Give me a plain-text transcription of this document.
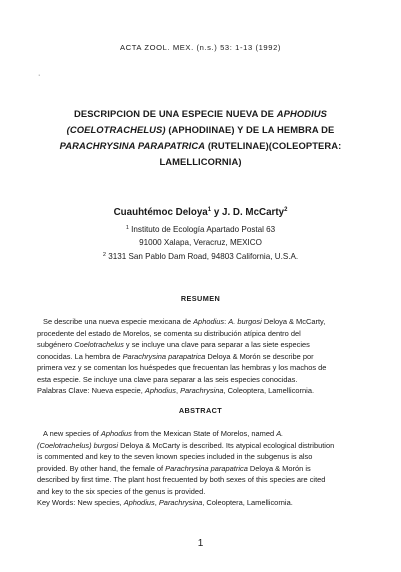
ACTA ZOOL. MEX. (n.s.) 53: 1-13 (1992)
·
DESCRIPCION DE UNA ESPECIE NUEVA DE APHODIUS
(COELOTRACHELUS) (APHODIINAE) Y DE LA HEMBRA DE
PARACHRYSINA PARAPATRICA (RUTELINAE)(COLEOPTERA:
LAMELLICORNIA)
Cuauhtémoc Deloya$^1$ y J. D. McCarty$^2$
$^1$ Instituto de Ecología Apartado Postal 63
91000 Xalapa, Veracruz, MEXICO
$^2$ 3131 San Pablo Dam Road, 94803 California, U.S.A.
RESUMEN
Se describe una nueva especie mexicana de Aphodius: A. burgosi Deloya & McCarty,
procedente del estado de Morelos, se comenta su distribución atípica dentro del
subgénero Coelotrachelus y se incluye una clave para separar a las siete especies
conocidas. La hembra de Parachrysina parapatrica Deloya & Morón se describe por
primera vez y se comentan los huéspedes que frecuentan las hembras y los machos de
esta especie. Se incluye una clave para separar a las seis especies conocidas.
Palabras Clave: Nueva especie, Aphodius, Parachrysina, Coleoptera, Lamellicornia.
ABSTRACT
A new species of Aphodius from the Mexican State of Morelos, named A.
(Coelotrachelus) burgosi Deloya & McCarty is described. Its atypical ecological distribution
is commented and key to the seven known species included in the subgenus is also
provided. By other hand, the female of Parachrysina parapatrica Deloya & Morón is
described by first time. The plant host frecuented by both sexes of this species are cited
and key to the six species of the genus is provided.
Key Words: New species, Aphodius, Parachrysina, Coleoptera, Lamellicornia.
1
